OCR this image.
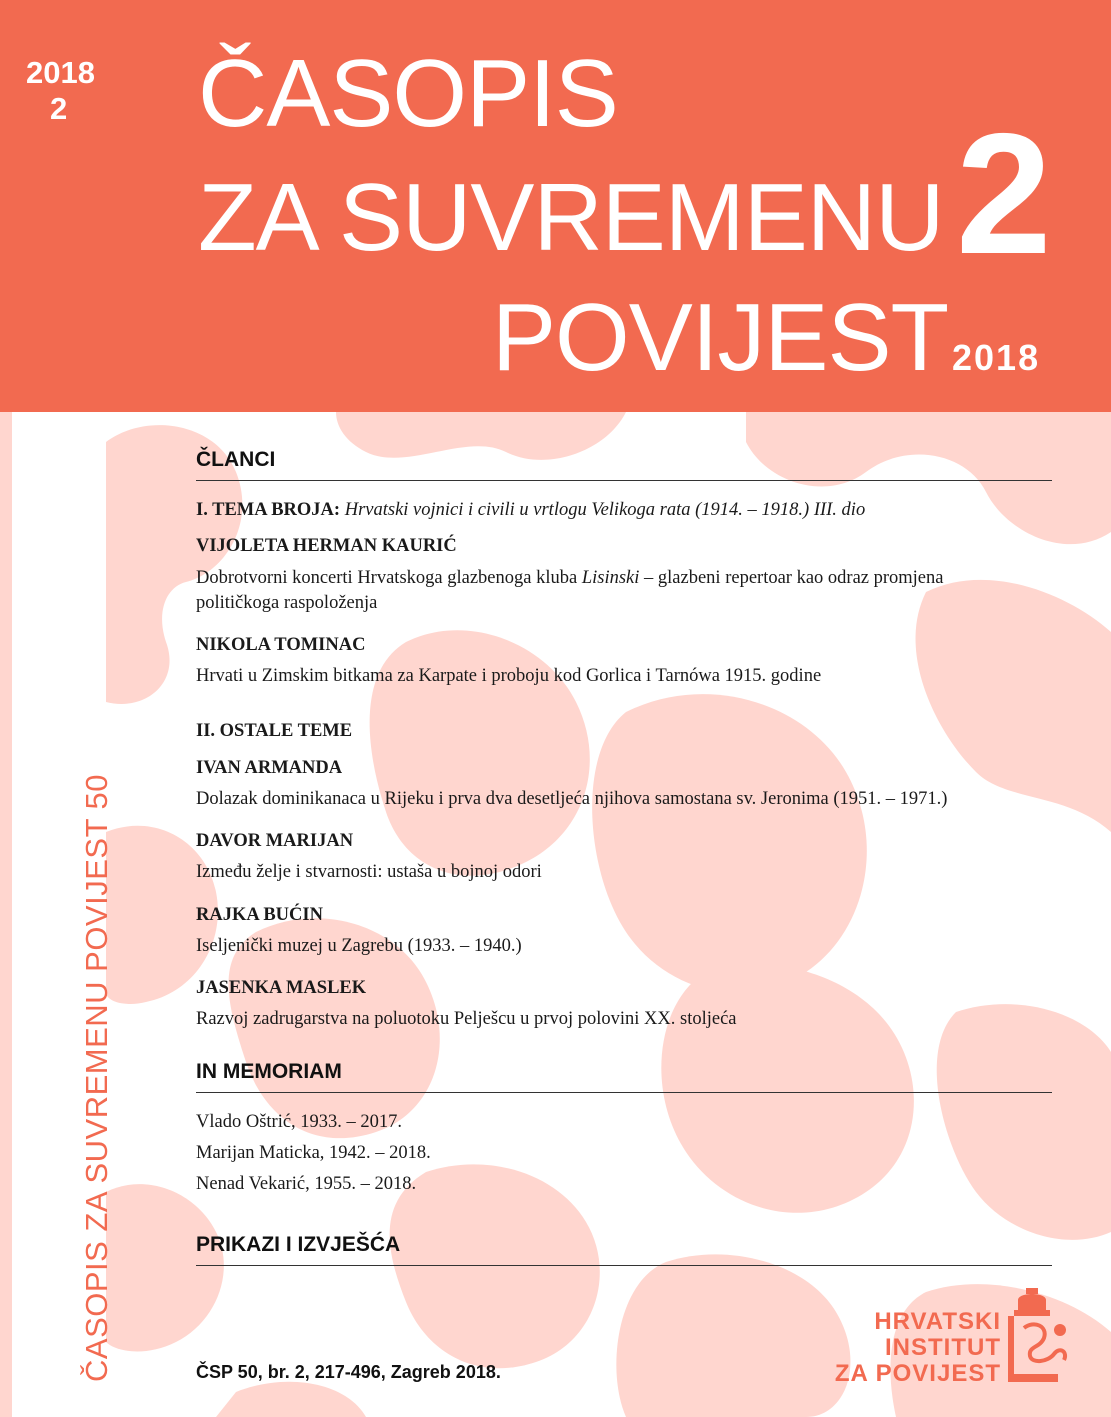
2018
2 ČASOPIS
ZA SUVREMENU
POVIJEST
2
2018
ČASOPIS ZA SUVREMENU POVIJEST 50
ČLANCI
I. TEMA BROJA: Hrvatski vojnici i civili u vrtlogu Velikoga rata (1914. – 1918.) III. dio
VIJOLETA HERMAN KAURIĆ
Dobrotvorni koncerti Hrvatskoga glazbenoga kluba Lisinski – glazbeni repertoar kao odraz promjena
političkoga raspoloženja
NIKOLA TOMINAC
Hrvati u Zimskim bitkama za Karpate i proboju kod Gorlica i Tarnówa 1915. godine
II. OSTALE TEME
IVAN ARMANDA
Dolazak dominikanaca u Rijeku i prva dva desetljeća njihova samostana sv. Jeronima (1951. – 1971.)
DAVOR MARIJAN
Između želje i stvarnosti: ustaša u bojnoj odori
RAJKA BUĆIN
Iseljenički muzej u Zagrebu (1933. – 1940.)
JASENKA MASLEK
Razvoj zadrugarstva na poluotoku Pelješcu u prvoj polovini XX. stoljeća
IN MEMORIAM
Vlado Oštrić, 1933. – 2017.
Marijan Maticka, 1942. – 2018.
Nenad Vekarić, 1955. – 2018.
PRIKAZI I IZVJEŠĆA
ČSP 50, br. 2, 217-496, Zagreb 2018.
HRVATSKI
INSTITUT
ZA POVIJEST
